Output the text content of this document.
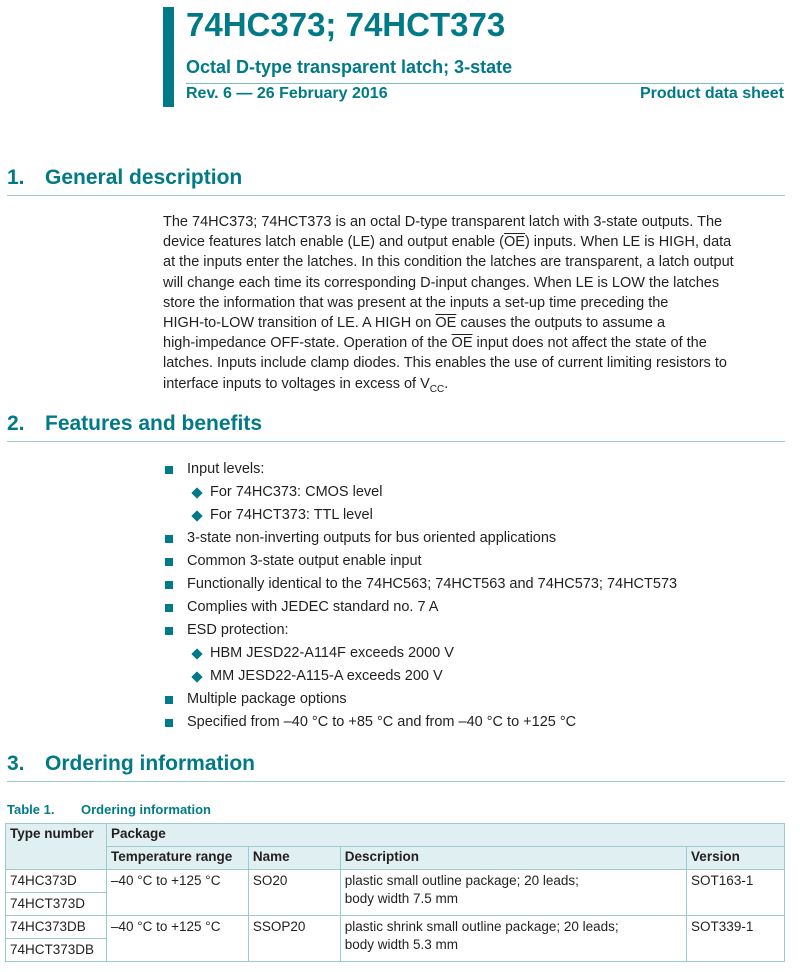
74HC373; 74HCT373
Octal D-type transparent latch; 3-state
Rev. 6 — 26 February 2016	Product data sheet
1. General description
The 74HC373; 74HCT373 is an octal D-type transparent latch with 3-state outputs. The
device features latch enable (LE) and output enable $(\overline{OE})$ inputs. When LE is HIGH, data
at the inputs enter the latches. In this condition the latches are transparent, a latch output
will change each time its corresponding D-input changes. When LE is LOW the latches
store the information that was present at the inputs a set-up time preceding the
HIGH-to-LOW transition of LE. A HIGH on $\overline{OE}$ causes the outputs to assume a
high-impedance OFF-state. Operation of the $\overline{OE}$ input does not affect the state of the
latches. Inputs include clamp diodes. This enables the use of current limiting resistors to
interface inputs to voltages in excess of $V_{CC}$.
2. Features and benefits
Input levels:
For 74HC373: CMOS level
For 74HCT373: TTL level
3-state non-inverting outputs for bus oriented applications
Common 3-state output enable input
Functionally identical to the 74HC563; 74HCT563 and 74HC573; 74HCT573
Complies with JEDEC standard no. 7 A
ESD protection:
HBM JESD22-A114F exceeds 2000 V
MM JESD22-A115-A exceeds 200 V
Multiple package options
Specified from –40 °C to +85 °C and from –40 °C to +125 °C
3. Ordering information
Table 1. Ordering information
Type number	Package			
	Temperature range	Name	Description	Version
74HC373D	–40 °C to +125 °C	SO20	plastic small outline package; 20 leads;
body width 7.5 mm	SOT163-1
74HCT373D				
74HC373DB	–40 °C to +125 °C	SSOP20	plastic shrink small outline package; 20 leads;
body width 5.3 mm	SOT339-1
74HCT373DB				
